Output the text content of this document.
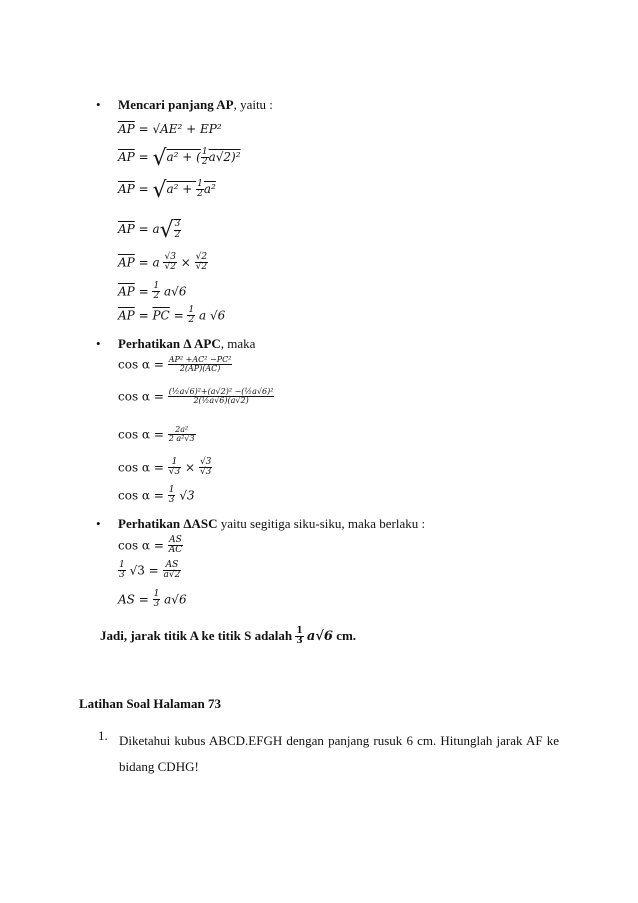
• Mencari panjang AP, yaitu :
$\overline{AP} = √AE^2 + EP^2$
$\overline{AP} = √a^2$ + ( $\frac{1}{2} a√2)^2$
$\overline{AP} = √a^2 + \frac{1}{2} a^2$
$\overline{AP} = a√ \frac{3}{2}$
$\overline{AP} = a \frac{√3}{√2} \times \frac{√2}{√2}$
$\overline{AP} = \frac{1}{2} a√6$
$\overline{AP} = \overline{PC} = \frac{1}{2}$ a √6
• Perhatikan Δ APC, maka
$\cos \alpha = \frac{\text{AP² +AC² −PC²}}{2(AP)(AC)}$
$\cos \alpha = \frac{\text{(½a√6)²+(a√2)² −(½a√6)²}}{\text{2(½a√6)(a√2)}}$
$\cos \alpha = \frac{\text{2a²}}{\text{2 a²√3}}$
$\cos \alpha = \frac{1}{√3} \times \frac{√3}{√3}$
$\cos \alpha = \frac{1}{3} √3$
• Perhatikan ΔASC yaitu segitiga siku-siku, maka berlaku :
$\cos \alpha = \frac{AS}{AC}$
$\frac{1}{3} √3 = \frac{AS}{a√2}$
AS = $\frac{1}{3} a√6$
Jadi, jarak titik A ke titik S adalah $\frac{1}{3} a√6$ cm.
Latihan Soal Halaman 73
1. Diketahui kubus ABCD.EFGH dengan panjang rusuk 6 cm. Hitunglah jarak AF ke bidang CDHG!
